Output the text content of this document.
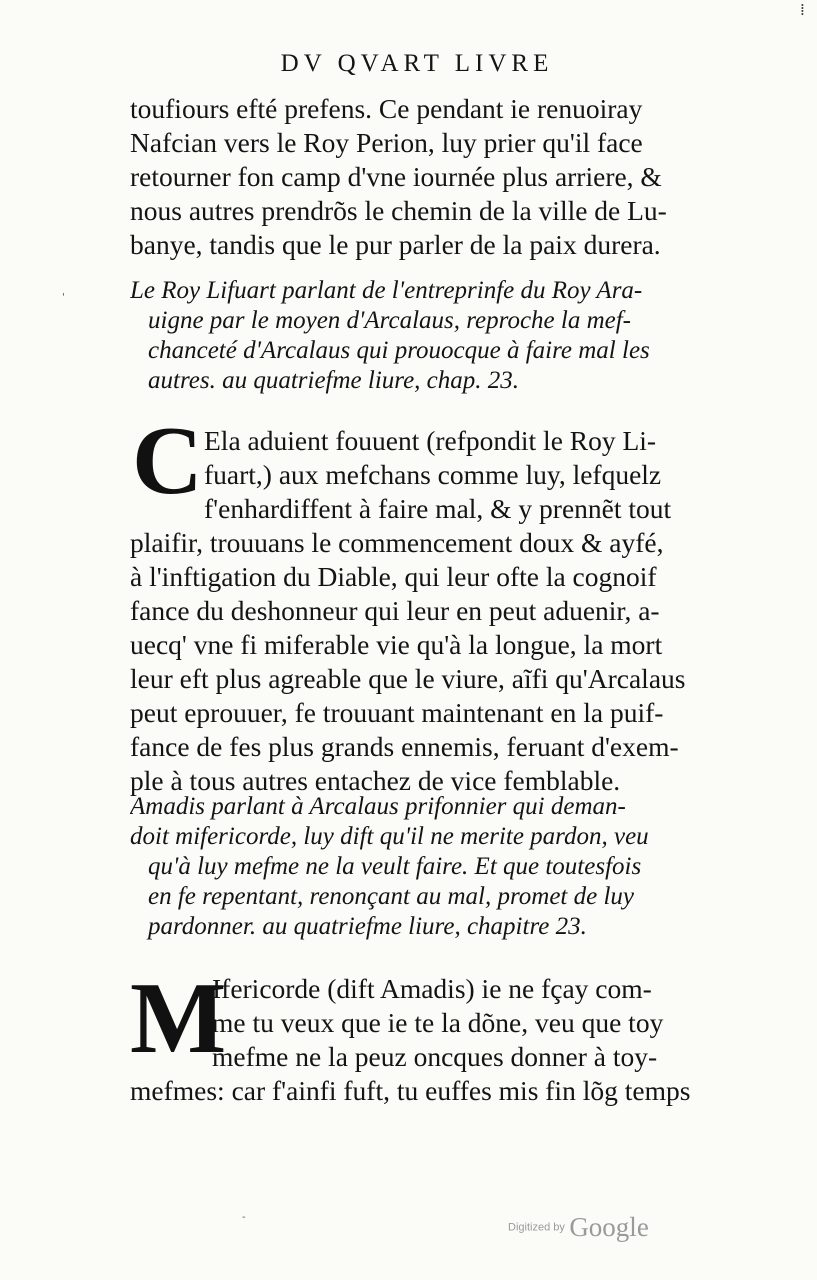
⁞
DV QVART LIVRE
toufiours efté prefens. Ce pendant ie renuoiray
Nafcian vers le Roy Perion, luy prier qu'il face
retourner fon camp d'vne iournée plus arriere, &
nous autres prendrõs le chemin de la ville de Lu-
banye, tandis que le pur parler de la paix durera.
Le Roy Lifuart parlant de l'entreprinfe du Roy Ara-
uigne par le moyen d'Arcalaus, reproche la mef-
chanceté d'Arcalaus qui prouocque à faire mal les
autres. au quatriefme liure, chap. 23.
C Ela aduient fouuent (refpondit le Roy Li-
fuart,) aux mefchans comme luy, lefquelz
f'enhardiffent à faire mal, & y prennẽt tout
plaifir, trouuans le commencement doux & ayfé,
à l'inftigation du Diable, qui leur ofte la cognoif
fance du deshonneur qui leur en peut aduenir, a-
uecq' vne fi miferable vie qu'à la longue, la mort
leur eft plus agreable que le viure, aĩfi qu'Arcalaus
peut eprouuer, fe trouuant maintenant en la puif-
fance de fes plus grands ennemis, feruant d'exem-
ple à tous autres entachez de vice femblable.
Amadis parlant à Arcalaus prifonnier qui deman-
doit mifericorde, luy dift qu'il ne merite pardon, veu
qu'à luy mefme ne la veult faire. Et que toutesfois
en fe repentant, renonçant au mal, promet de luy
pardonner. au quatriefme liure, chapitre 23.
M
Ifericorde (dift Amadis) ie ne fçay com-
me tu veux que ie te la dõne, veu que toy
mefme ne la peuz oncques donner à toy-
mefmes: car f'ainfi fuft, tu euffes mis fin lõg temps
'
-
Digitized by Google
